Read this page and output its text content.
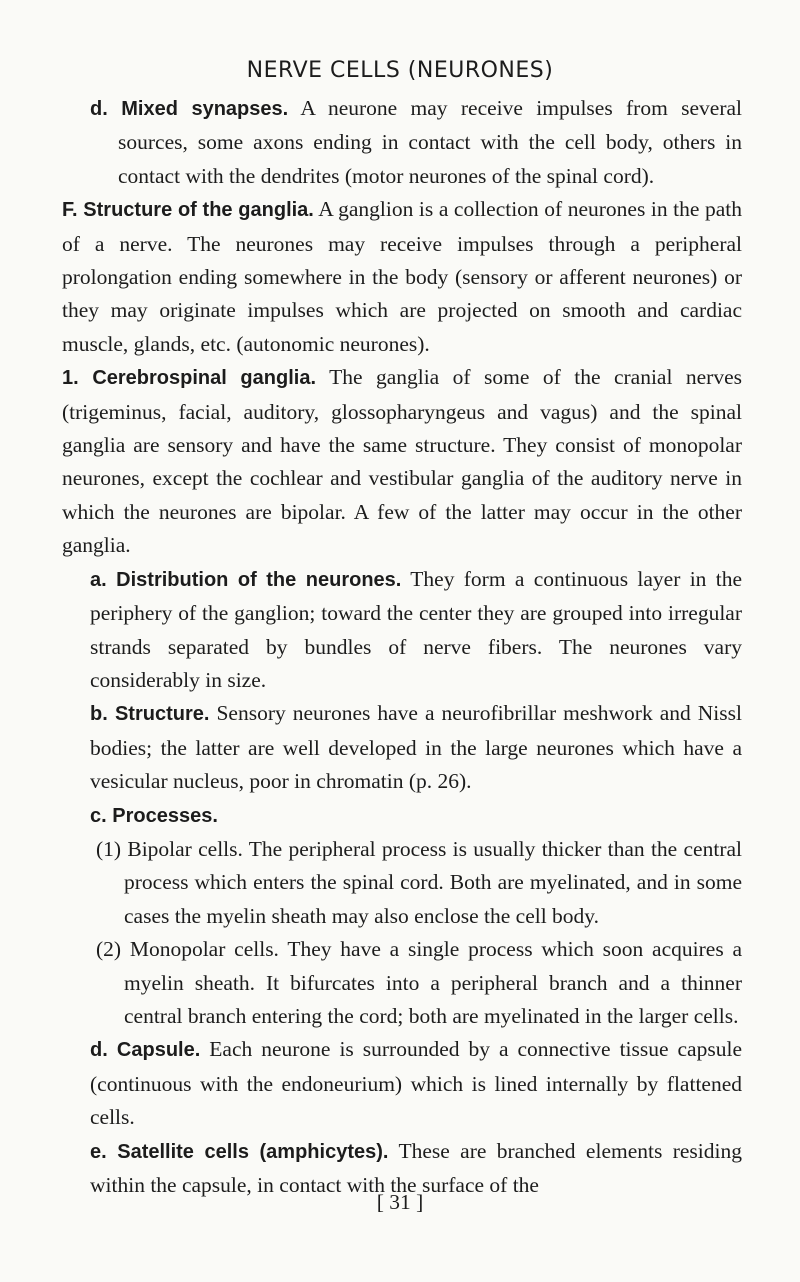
NERVE CELLS (NEURONES)

d. Mixed synapses. A neurone may receive impulses from several sources, some axons ending in contact with the cell body, others in contact with the dendrites (motor neurones of the spinal cord).

F. Structure of the ganglia. A ganglion is a collection of neurones in the path of a nerve. The neurones may receive impulses through a peripheral prolongation ending somewhere in the body (sensory or afferent neurones) or they may originate impulses which are projected on smooth and cardiac muscle, glands, etc. (autonomic neurones).

1. Cerebrospinal ganglia. The ganglia of some of the cranial nerves (trigeminus, facial, auditory, glossopharyngeus and vagus) and the spinal ganglia are sensory and have the same structure. They consist of monopolar neurones, except the cochlear and vestibular ganglia of the auditory nerve in which the neurones are bipolar. A few of the latter may occur in the other ganglia.

a. Distribution of the neurones. They form a continuous layer in the periphery of the ganglion; toward the center they are grouped into irregular strands separated by bundles of nerve fibers. The neurones vary considerably in size.

b. Structure. Sensory neurones have a neurofibrillar meshwork and Nissl bodies; the latter are well developed in the large neurones which have a vesicular nucleus, poor in chromatin (p. 26).

c. Processes.

(1) Bipolar cells. The peripheral process is usually thicker than the central process which enters the spinal cord. Both are myelinated, and in some cases the myelin sheath may also enclose the cell body.

(2) Monopolar cells. They have a single process which soon acquires a myelin sheath. It bifurcates into a peripheral branch and a thinner central branch entering the cord; both are myelinated in the larger cells.

d. Capsule. Each neurone is surrounded by a connective tissue capsule (continuous with the endoneurium) which is lined internally by flattened cells.

e. Satellite cells (amphicytes). These are branched elements residing within the capsule, in contact with the surface of the

[ 31 ]
